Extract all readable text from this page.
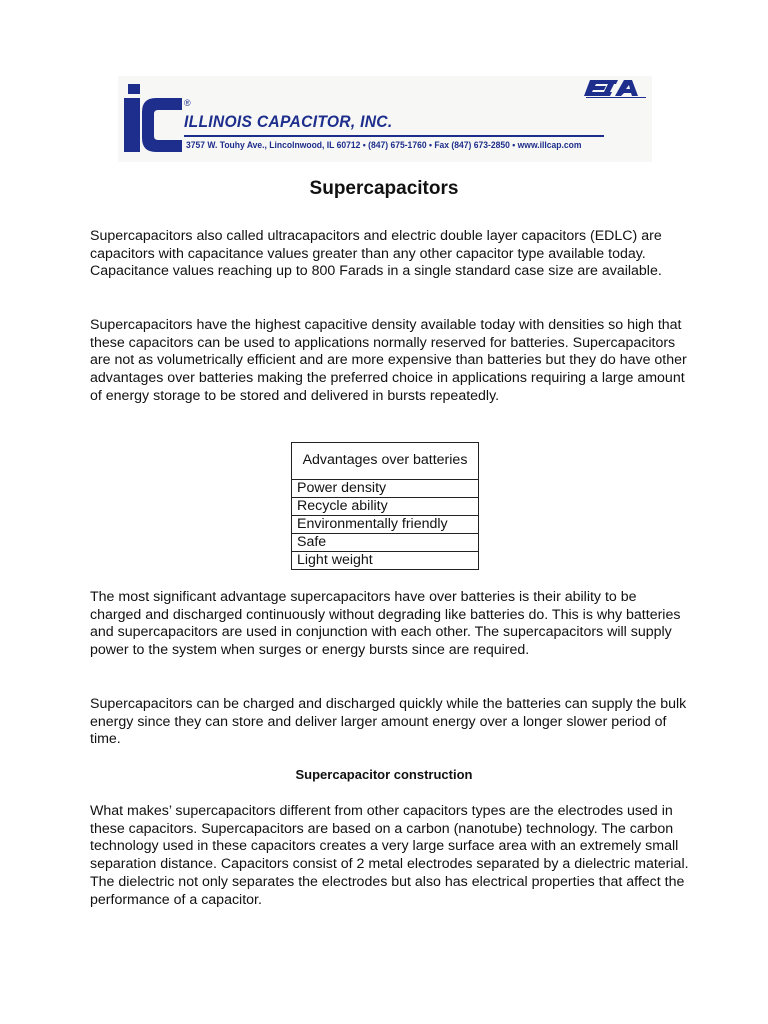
®
ILLINOIS CAPACITOR, INC.
3757 W. Touhy Ave., Lincolnwood, IL 60712 • (847) 675-1760 • Fax (847) 673-2850 • www.illcap.com
Supercapacitors

Supercapacitors also called ultracapacitors and electric double layer capacitors (EDLC) are capacitors with capacitance values greater than any other capacitor type available today. Capacitance values reaching up to 800 Farads in a single standard case size are available.

Supercapacitors have the highest capacitive density available today with densities so high that these capacitors can be used to applications normally reserved for batteries. Supercapacitors are not as volumetrically efficient and are more expensive than batteries but they do have other advantages over batteries making the preferred choice in applications requiring a large amount of energy storage to be stored and delivered in bursts repeatedly.

Advantages over batteries
Power density
Recycle ability
Environmentally friendly
Safe
Light weight

The most significant advantage supercapacitors have over batteries is their ability to be charged and discharged continuously without degrading like batteries do. This is why batteries and supercapacitors are used in conjunction with each other. The supercapacitors will supply power to the system when surges or energy bursts since are required.

Supercapacitors can be charged and discharged quickly while the batteries can supply the bulk energy since they can store and deliver larger amount energy over a longer slower period of time.

Supercapacitor construction

What makes’ supercapacitors different from other capacitors types are the electrodes used in these capacitors. Supercapacitors are based on a carbon (nanotube) technology. The carbon technology used in these capacitors creates a very large surface area with an extremely small separation distance. Capacitors consist of 2 metal electrodes separated by a dielectric material. The dielectric not only separates the electrodes but also has electrical properties that affect the performance of a capacitor.
